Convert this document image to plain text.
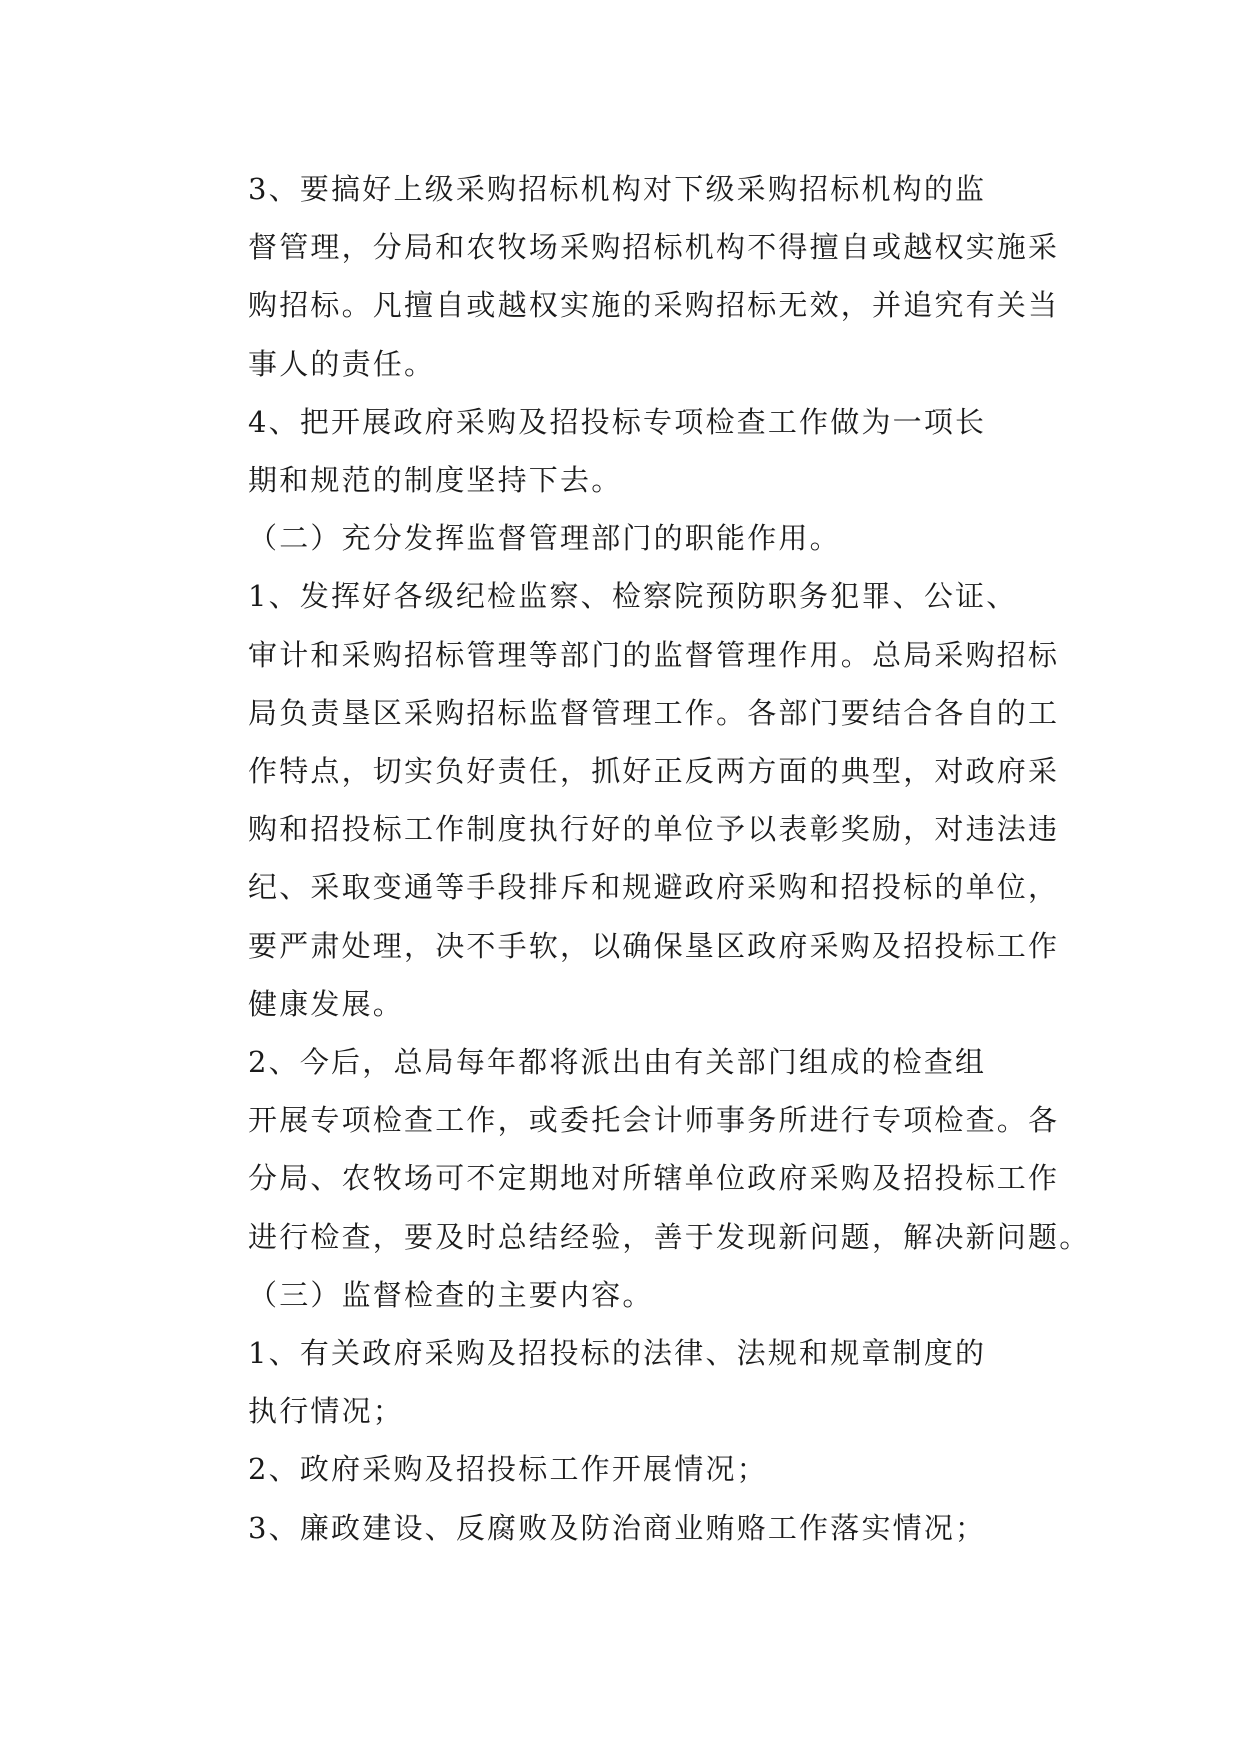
3、要搞好上级采购招标机构对下级采购招标机构的监
督管理，分局和农牧场采购招标机构不得擅自或越权实施采
购招标。凡擅自或越权实施的采购招标无效，并追究有关当
事人的责任。

4、把开展政府采购及招投标专项检查工作做为一项长
期和规范的制度坚持下去。

（二）充分发挥监督管理部门的职能作用。

1、发挥好各级纪检监察、检察院预防职务犯罪、公证、
审计和采购招标管理等部门的监督管理作用。总局采购招标
局负责垦区采购招标监督管理工作。各部门要结合各自的工
作特点，切实负好责任，抓好正反两方面的典型，对政府采
购和招投标工作制度执行好的单位予以表彰奖励，对违法违
纪、采取变通等手段排斥和规避政府采购和招投标的单位，
要严肃处理，决不手软，以确保垦区政府采购及招投标工作
健康发展。

2、今后，总局每年都将派出由有关部门组成的检查组
开展专项检查工作，或委托会计师事务所进行专项检查。各
分局、农牧场可不定期地对所辖单位政府采购及招投标工作
进行检查，要及时总结经验，善于发现新问题，解决新问题。

（三）监督检查的主要内容。

1、有关政府采购及招投标的法律、法规和规章制度的
执行情况；

2、政府采购及招投标工作开展情况；

3、廉政建设、反腐败及防治商业贿赂工作落实情况；
